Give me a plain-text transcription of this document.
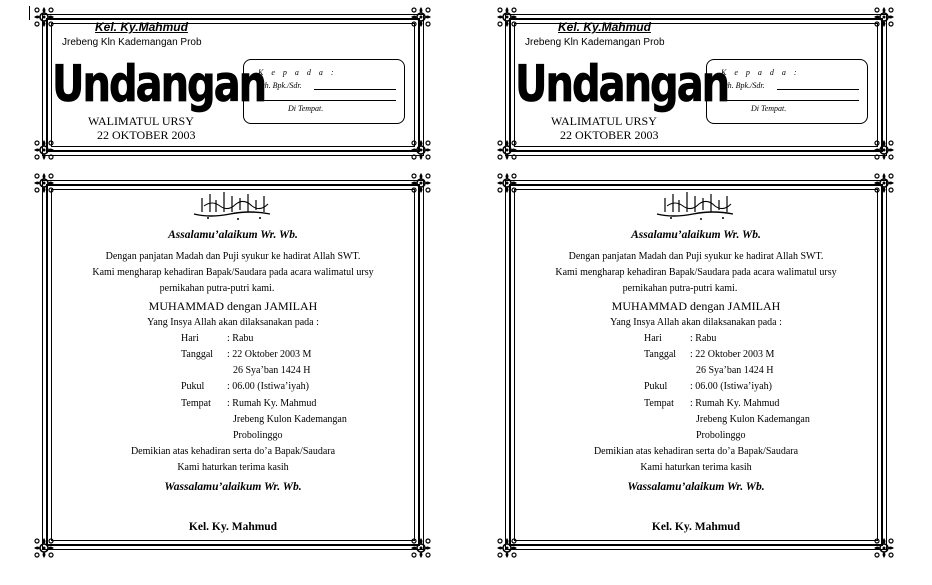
Kel. Ky.Mahmud
Jrebeng Kln Kademangan Prob
Undangan
WALIMATUL URSY
22 OKTOBER 2003
K e p a d a :
Yth. Bpk./Sdr.
Di Tempat.
Assalamu’alaikum Wr. Wb.
Dengan panjatan Madah dan Puji syukur ke hadirat Allah SWT.
Kami mengharap kehadiran Bapak/Saudara pada acara walimatul ursy
pernikahan putra-putri kami.
MUHAMMAD dengan JAMILAH
Yang Insya Allah akan dilaksanakan pada :
Hari	: Rabu
Tanggal : 22 Oktober 2003 M
26 Sya’ban 1424 H
Pukul : 06.00 (Istiwa’iyah)
Tempat : Rumah Ky. Mahmud
Jrebeng Kulon Kademangan
Probolinggo
Demikian atas kehadiran serta do’a Bapak/Saudara
Kami haturkan terima kasih
Wassalamu’alaikum Wr. Wb.
Kel. Ky. Mahmud
Kel. Ky.Mahmud
Jrebeng Kln Kademangan Prob
Undangan
WALIMATUL URSY
22 OKTOBER 2003
K e p a d a :
Yth. Bpk./Sdr.
Di Tempat.
Assalamu’alaikum Wr. Wb.
Dengan panjatan Madah dan Puji syukur ke hadirat Allah SWT.
Kami mengharap kehadiran Bapak/Saudara pada acara walimatul ursy
pernikahan putra-putri kami.
MUHAMMAD dengan JAMILAH
Yang Insya Allah akan dilaksanakan pada :
Hari	: Rabu
Tanggal : 22 Oktober 2003 M
26 Sya’ban 1424 H
Pukul : 06.00 (Istiwa’iyah)
Tempat : Rumah Ky. Mahmud
Jrebeng Kulon Kademangan
Probolinggo
Demikian atas kehadiran serta do’a Bapak/Saudara
Kami haturkan terima kasih
Wassalamu’alaikum Wr. Wb.
Kel. Ky. Mahmud
